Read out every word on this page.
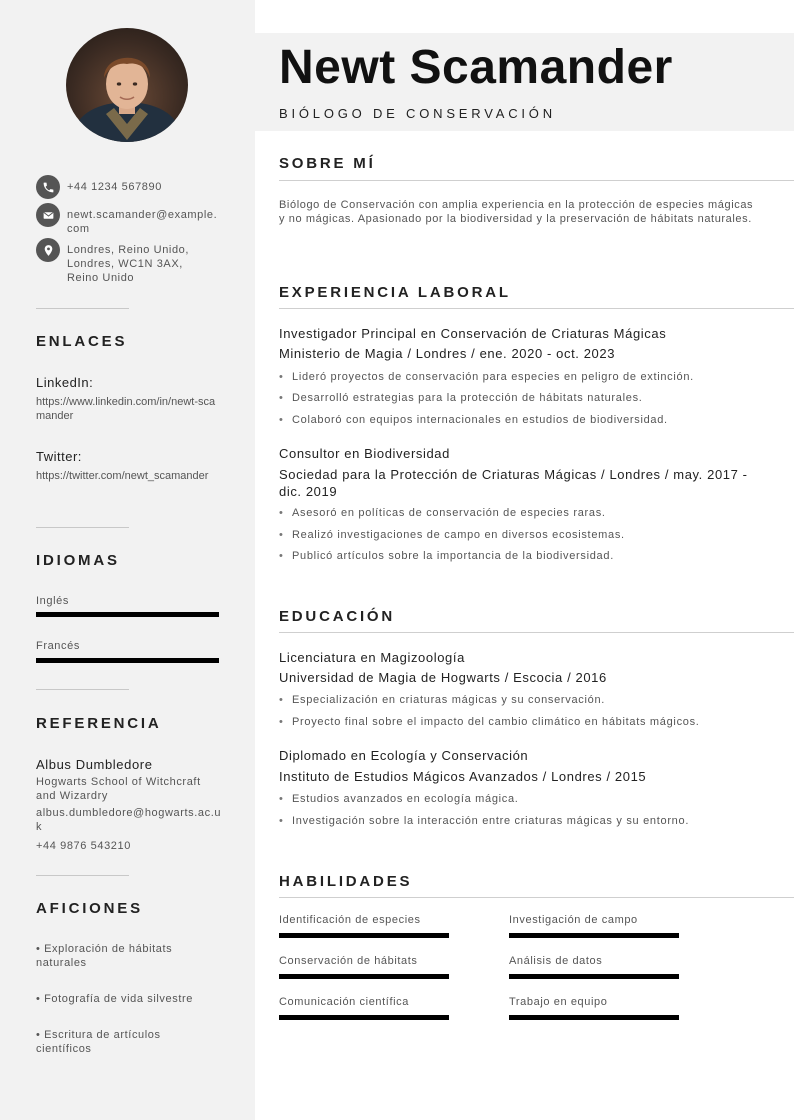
+44 1234 567890
newt.scamander@example.com
Londres, Reino Unido, Londres, WC1N 3AX, Reino Unido
ENLACES
LinkedIn:
https://www.linkedin.com/in/newt-scamander
Twitter:
https://twitter.com/newt_scamander
IDIOMAS
Inglés
Francés
REFERENCIA
Albus Dumbledore
Hogwarts School of Witchcraft and Wizardry
albus.dumbledore@hogwarts.ac.uk
+44 9876 543210
AFICIONES
• Exploración de hábitats naturales
• Fotografía de vida silvestre
• Escritura de artículos científicos
Newt Scamander
BIÓLOGO DE CONSERVACIÓN
SOBRE MÍ
Biólogo de Conservación con amplia experiencia en la protección de especies mágicas y no mágicas. Apasionado por la biodiversidad y la preservación de hábitats naturales.
EXPERIENCIA LABORAL
Investigador Principal en Conservación de Criaturas Mágicas
Ministerio de Magia / Londres / ene. 2020 - oct. 2023
• Lideró proyectos de conservación para especies en peligro de extinción.
• Desarrolló estrategias para la protección de hábitats naturales.
• Colaboró con equipos internacionales en estudios de biodiversidad.
Consultor en Biodiversidad
Sociedad para la Protección de Criaturas Mágicas / Londres / may. 2017 - dic. 2019
• Asesoró en políticas de conservación de especies raras.
• Realizó investigaciones de campo en diversos ecosistemas.
• Publicó artículos sobre la importancia de la biodiversidad.
EDUCACIÓN
Licenciatura en Magizoología
Universidad de Magia de Hogwarts / Escocia / 2016
• Especialización en criaturas mágicas y su conservación.
• Proyecto final sobre el impacto del cambio climático en hábitats mágicos.
Diplomado en Ecología y Conservación
Instituto de Estudios Mágicos Avanzados / Londres / 2015
• Estudios avanzados en ecología mágica.
• Investigación sobre la interacción entre criaturas mágicas y su entorno.
HABILIDADES
Identificación de especies	Investigación de campo
Conservación de hábitats	Análisis de datos
Comunicación científica	Trabajo en equipo
